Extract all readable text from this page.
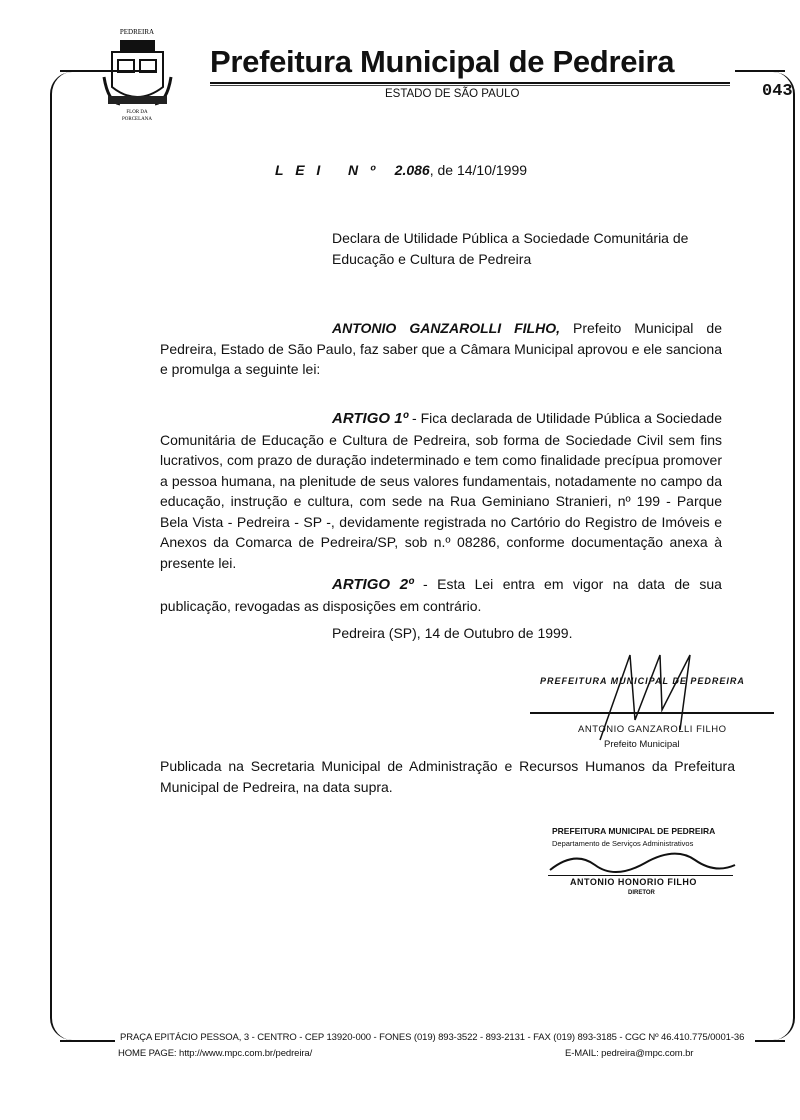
PEDREIRA
FLOR DA
PORCELANA
Prefeitura Municipal de Pedreira
ESTADO DE SÃO PAULO	043
L E I   N º 2.086, de 14/10/1999
Declara de Utilidade Pública a Sociedade Comunitária de Educação e Cultura de Pedreira
ANTONIO GANZAROLLI FILHO, Prefeito Municipal de Pedreira, Estado de São Paulo, faz saber que a Câmara Municipal aprovou e ele sanciona e promulga a seguinte lei:
ARTIGO 1º - Fica declarada de Utilidade Pública a Sociedade Comunitária de Educação e Cultura de Pedreira, sob forma de Sociedade Civil sem fins lucrativos, com prazo de duração indeterminado e tem como finalidade precípua promover a pessoa humana, na plenitude de seus valores fundamentais, notadamente no campo da educação, instrução e cultura, com sede na Rua Geminiano Stranieri, nº 199 - Parque Bela Vista - Pedreira - SP -, devidamente registrada no Cartório do Registro de Imóveis e Anexos da Comarca de Pedreira/SP, sob n.º 08286, conforme documentação anexa à presente lei.
ARTIGO 2º - Esta Lei entra em vigor na data de sua publicação, revogadas as disposições em contrário.
Pedreira (SP), 14 de Outubro de 1999.
PREFEITURA MUNICIPAL DE PEDREIRA
ANTONIO GANZAROLLI FILHO
Prefeito Municipal
Publicada na Secretaria Municipal de Administração e Recursos Humanos da Prefeitura Municipal de Pedreira, na data supra.
PREFEITURA MUNICIPAL DE PEDREIRA
Departamento de Serviços Administrativos
ANTONIO HONORIO FILHO
DIRETOR
PRAÇA EPITÁCIO PESSOA, 3 - CENTRO - CEP 13920-000 - FONES (019) 893-3522 - 893-2131 - FAX (019) 893-3185 - CGC Nº 46.410.775/0001-36
HOME PAGE: http://www.mpc.com.br/pedreira/	E-MAIL: pedreira@mpc.com.br
